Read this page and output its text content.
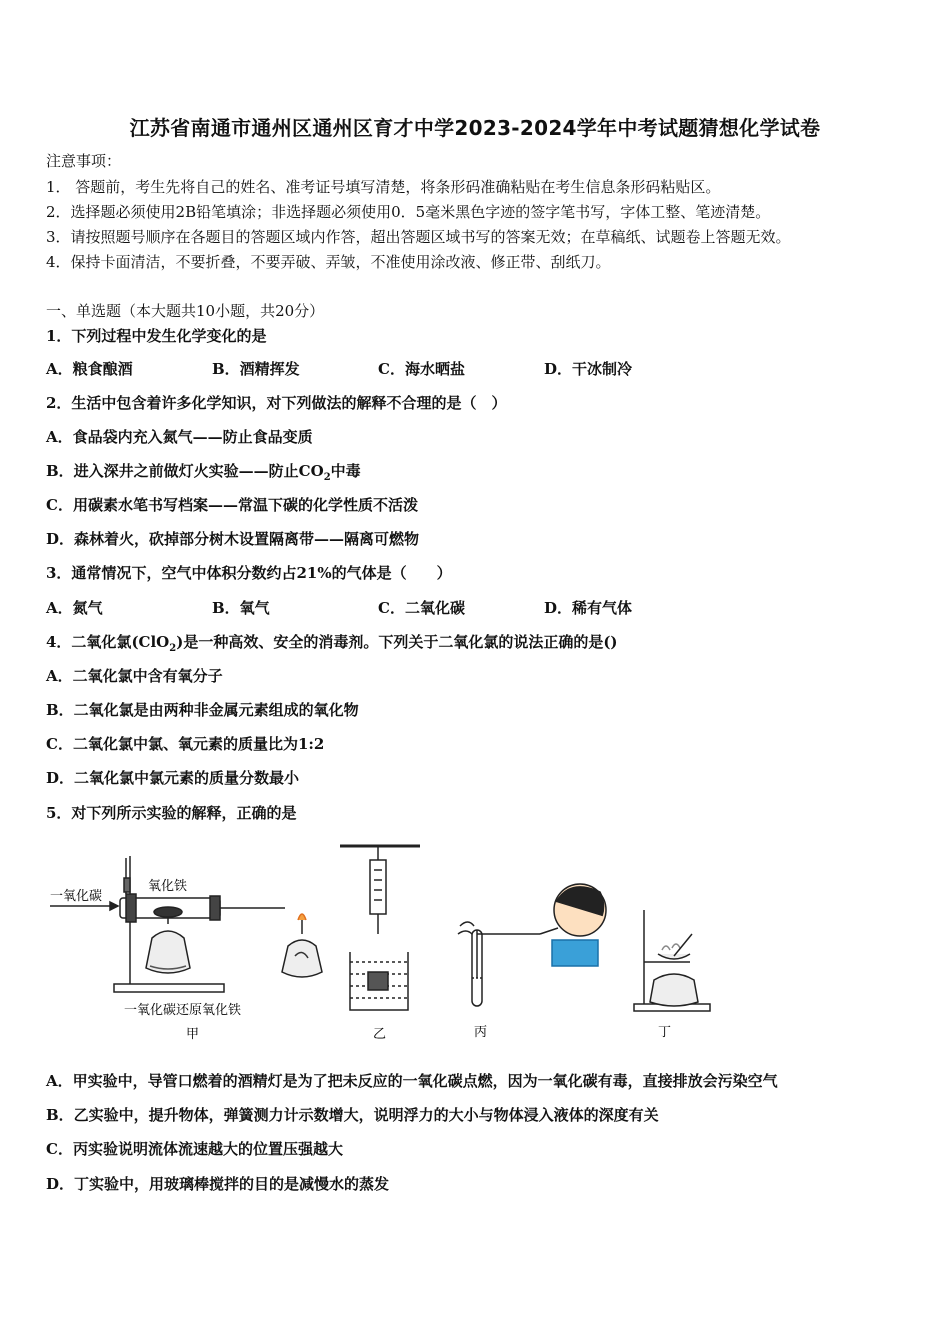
江苏省南通市通州区通州区育才中学2023-2024学年中考试题猜想化学试卷
注意事项：
1． 答题前，考生先将自己的姓名、准考证号填写清楚，将条形码准确粘贴在考生信息条形码粘贴区。
2．选择题必须使用2B铅笔填涂；非选择题必须使用0．5毫米黑色字迹的签字笔书写，字体工整、笔迹清楚。
3．请按照题号顺序在各题目的答题区域内作答，超出答题区域书写的答案无效；在草稿纸、试题卷上答题无效。
4．保持卡面清洁，不要折叠，不要弄破、弄皱，不准使用涂改液、修正带、刮纸刀。
一、单选题（本大题共10小题，共20分）
1．下列过程中发生化学变化的是
A．粮食酿酒	B．酒精挥发	C．海水晒盐	D．干冰制冷
2．生活中包含着许多化学知识，对下列做法的解释不合理的是（　）
A．食品袋内充入氮气——防止食品变质
B．进入深井之前做灯火实验——防止$CO_2$中毒
C．用碳素水笔书写档案——常温下碳的化学性质不活泼
D．森林着火，砍掉部分树木设置隔离带——隔离可燃物
3．通常情况下，空气中体积分数约占21%的气体是（　　）
A．氮气	B．氧气	C．二氧化碳	D．稀有气体
4．二氧化氯(ClO$_2$)是一种高效、安全的消毒剂。下列关于二氧化氯的说法正确的是()
A．二氧化氯中含有氧分子
B．二氧化氯是由两种非金属元素组成的氧化物
C．二氧化氯中氯、氧元素的质量比为1:2
D．二氧化氯中氯元素的质量分数最小
5．对下列所示实验的解释，正确的是
一氧化碳
氧化铁
一氧化碳还原氧化铁
甲	乙	丙	丁
A．甲实验中，导管口燃着的酒精灯是为了把未反应的一氧化碳点燃，因为一氧化碳有毒，直接排放会污染空气
B．乙实验中，提升物体，弹簧测力计示数增大，说明浮力的大小与物体浸入液体的深度有关
C．丙实验说明流体流速越大的位置压强越大
D．丁实验中，用玻璃棒搅拌的目的是减慢水的蒸发
